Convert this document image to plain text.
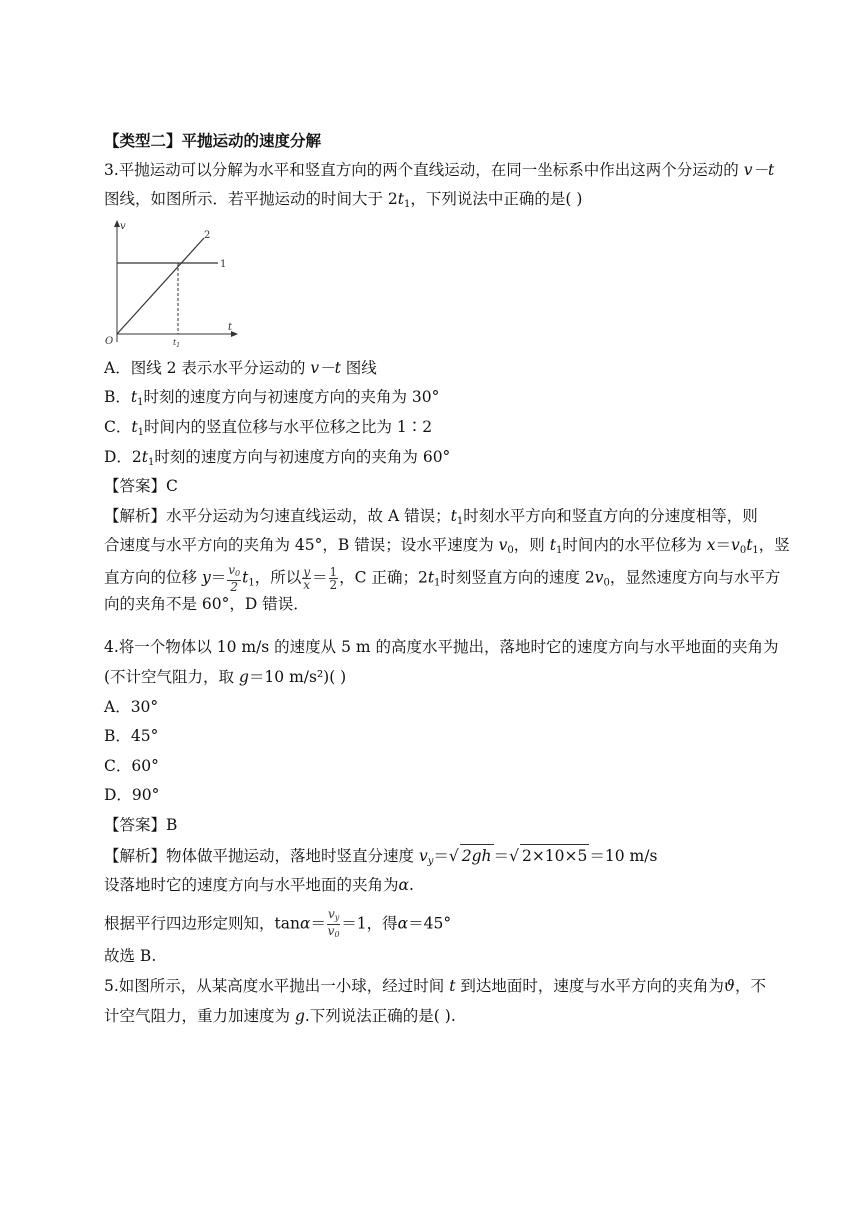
【类型二】平抛运动的速度分解
3.平抛运动可以分解为水平和竖直方向的两个直线运动，在同一坐标系中作出这两个分运动的 v－t
图线，如图所示．若平抛运动的时间大于 $2t_1$，下列说法中正确的是( )
v
t
O
1
2
$t_1$
A．图线 2 表示水平分运动的 v－t 图线
B．$t_1$时刻的速度方向与初速度方向的夹角为 30°
C．$t_1$时间内的竖直位移与水平位移之比为 1∶2
D．$2t_1$时刻的速度方向与初速度方向的夹角为 60°
【答案】C
【解析】水平分运动为匀速直线运动，故 A 错误；$t_1$时刻水平方向和竖直方向的分速度相等，则
合速度与水平方向的夹角为 45°，B 错误；设水平速度为 $v_0$，则 $t_1$时间内的水平位移为 $x=v_0t_1$，竖
直方向的位移 $y= \frac{v_0}{2} t_1$，所以 $\frac{y}{x} = \frac{1}{2}$ ，C 正确；$2t_1$时刻竖直方向的速度 $2v_0$，显然速度方向与水平方
向的夹角不是 60°，D 错误．
4.将一个物体以 10 m/s 的速度从 5 m 的高度水平抛出，落地时它的速度方向与水平地面的夹角为
(不计空气阻力，取 g＝10 m/s²)( )
A．30°
B．45°
C．60°
D．90°
【答案】B
【解析】物体做平抛运动，落地时竖直分速度 $v_y=√$ 2gh ＝√ 2×10×5 ＝10 m/s
设落地时它的速度方向与水平地面的夹角为α.
根据平行四边形定则知，$\tan\alpha= \frac{v_y}{v_0} =1$，得α＝45°
故选 B.
5.如图所示，从某高度水平抛出一小球，经过时间 t 到达地面时，速度与水平方向的夹角为ϑ，不
计空气阻力，重力加速度为 g.下列说法正确的是( ).
